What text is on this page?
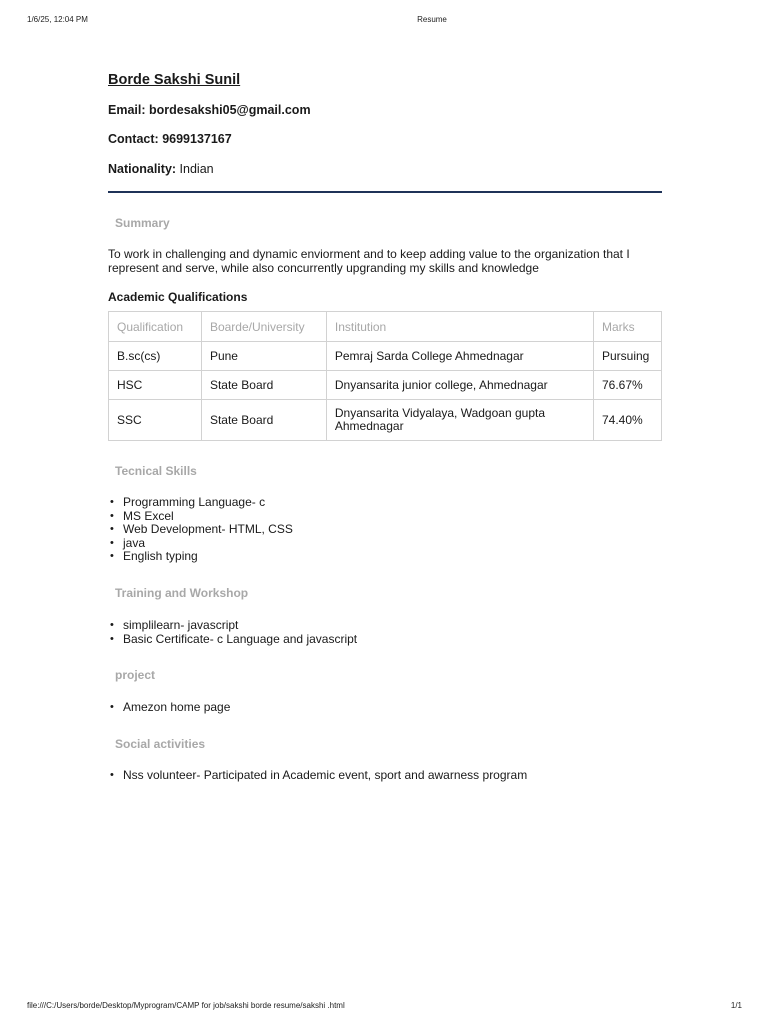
1/6/25, 12:04 PM	Resume
Borde Sakshi Sunil
Email: bordesakshi05@gmail.com
Contact: 9699137167
Nationality: Indian
Summary
To work in challenging and dynamic enviorment and to keep adding value to the organization that I represent and serve, while also concurrently upgranding my skills and knowledge
Academic Qualifications
Qualification	Boarde/University	Institution	Marks
B.sc(cs)	Pune	Pemraj Sarda College Ahmednagar	Pursuing
HSC	State Board	Dnyansarita junior college, Ahmednagar	76.67%
SSC	State Board	Dnyansarita Vidyalaya, Wadgoan gupta Ahmednagar	74.40%
Tecnical Skills
• Programming Language- c
• MS Excel
• Web Development- HTML, CSS
• java
• English typing
Training and Workshop
• simplilearn- javascript
• Basic Certificate- c Language and javascript
project
• Amezon home page
Social activities
• Nss volunteer- Participated in Academic event, sport and awarness program
file:///C:/Users/borde/Desktop/Myprogram/CAMP for job/sakshi borde resume/sakshi .html	1/1
